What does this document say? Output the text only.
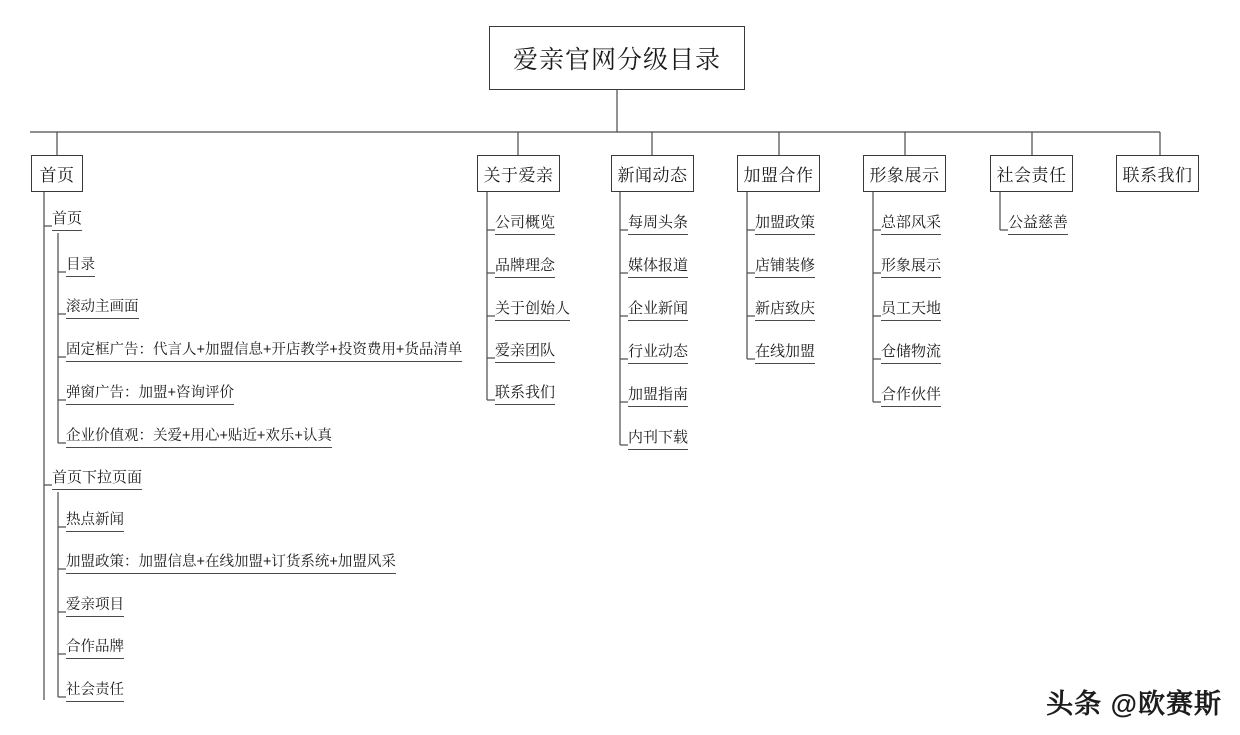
爱亲官网分级目录
首页	关于爱亲	新闻动态	加盟合作	形象展示	社会责任	联系我们
首页
目录
滚动主画面
固定框广告：代言人+加盟信息+开店教学+投资费用+货品清单
弹窗广告：加盟+咨询评价
企业价值观：关爱+用心+贴近+欢乐+认真
首页下拉页面
热点新闻
加盟政策：加盟信息+在线加盟+订货系统+加盟风采
爱亲项目
合作品牌
社会责任
公司概览
品牌理念
关于创始人
爱亲团队
联系我们
每周头条
媒体报道
企业新闻
行业动态
加盟指南
内刊下载
加盟政策
店铺装修
新店致庆
在线加盟
总部风采
形象展示
员工天地
仓储物流
合作伙伴
公益慈善
头条 @欧赛斯
